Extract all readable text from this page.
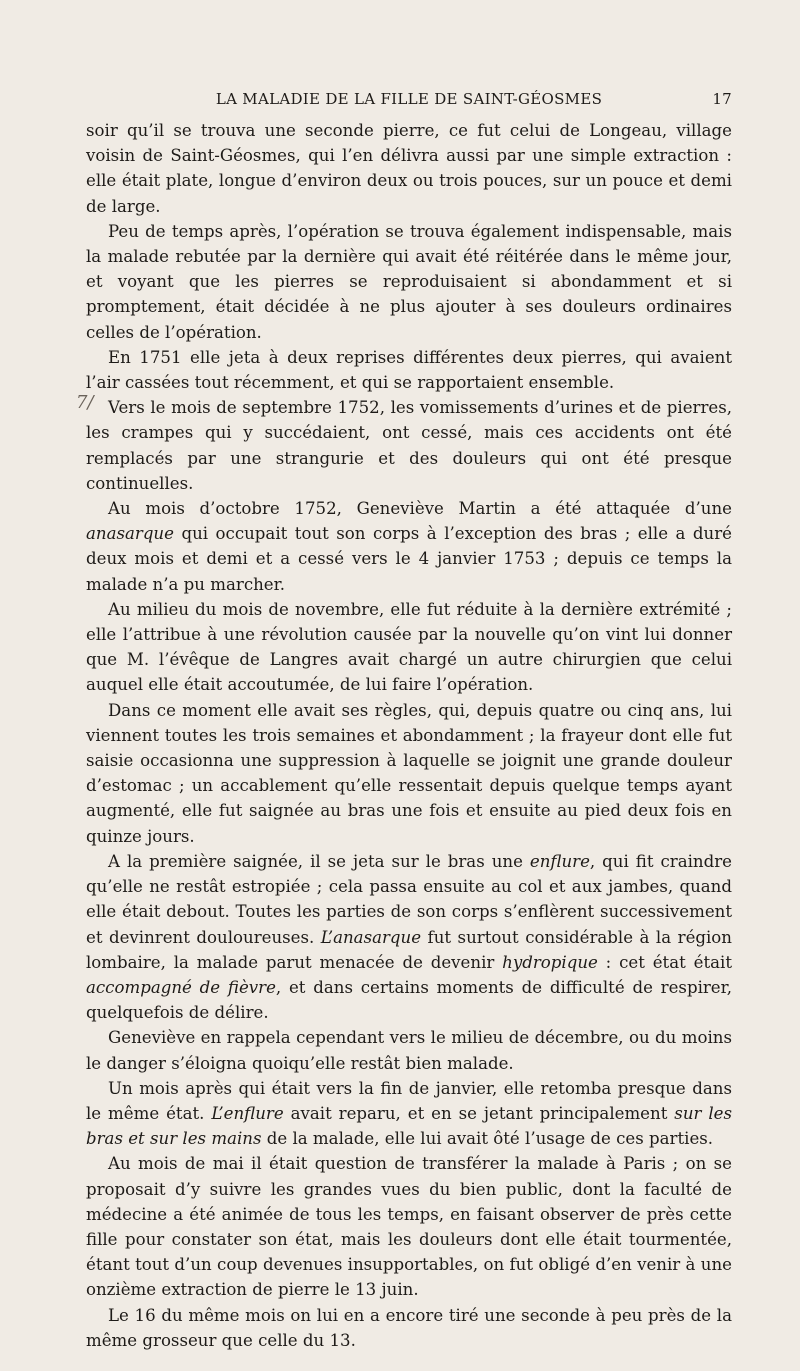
LA MALADIE DE LA FILLE DE SAINT-GÉOSMES	17
7/

soir qu’il se trouva une seconde pierre, ce fut celui de Longeau, village voisin de Saint-Géosmes, qui l’en délivra aussi par une simple extraction : elle était plate, longue d’environ deux ou trois pouces, sur un pouce et demi de large.

Peu de temps après, l’opération se trouva également indispensable, mais la malade rebutée par la dernière qui avait été réitérée dans le même jour, et voyant que les pierres se reproduisaient si abondamment et si promptement, était décidée à ne plus ajouter à ses douleurs ordinaires celles de l’opération.

En 1751 elle jeta à deux reprises différentes deux pierres, qui avaient l’air cassées tout récemment, et qui se rapportaient ensemble.

Vers le mois de septembre 1752, les vomissements d’urines et de pierres, les crampes qui y succédaient, ont cessé, mais ces accidents ont été remplacés par une strangurie et des douleurs qui ont été presque continuelles.

Au mois d’octobre 1752, Geneviève Martin a été attaquée d’une anasarque qui occupait tout son corps à l’exception des bras ; elle a duré deux mois et demi et a cessé vers le 4 janvier 1753 ; depuis ce temps la malade n’a pu marcher.

Au milieu du mois de novembre, elle fut réduite à la dernière extrémité ; elle l’attribue à une révolution causée par la nouvelle qu’on vint lui donner que M. l’évêque de Langres avait chargé un autre chirurgien que celui auquel elle était accoutumée, de lui faire l’opération.

Dans ce moment elle avait ses règles, qui, depuis quatre ou cinq ans, lui viennent toutes les trois semaines et abondamment ; la frayeur dont elle fut saisie occasionna une suppression à laquelle se joignit une grande douleur d’estomac ; un accablement qu’elle ressentait depuis quelque temps ayant augmenté, elle fut saignée au bras une fois et ensuite au pied deux fois en quinze jours.

A la première saignée, il se jeta sur le bras une enflure, qui fit craindre qu’elle ne restât estropiée ; cela passa ensuite au col et aux jambes, quand elle était debout. Toutes les parties de son corps s’enflèrent successivement et devinrent douloureuses. L’anasarque fut surtout considérable à la région lombaire, la malade parut menacée de devenir hydropique : cet état était accompagné de fièvre, et dans certains moments de difficulté de respirer, quelquefois de délire.

Geneviève en rappela cependant vers le milieu de décembre, ou du moins le danger s’éloigna quoiqu’elle restât bien malade.

Un mois après qui était vers la fin de janvier, elle retomba presque dans le même état. L’enflure avait reparu, et en se jetant principalement sur les bras et sur les mains de la malade, elle lui avait ôté l’usage de ces parties.

Au mois de mai il était question de transférer la malade à Paris ; on se proposait d’y suivre les grandes vues du bien public, dont la faculté de médecine a été animée de tous les temps, en faisant observer de près cette fille pour constater son état, mais les douleurs dont elle était tourmentée, étant tout d’un coup devenues insupportables, on fut obligé d’en venir à une onzième extraction de pierre le 13 juin.

Le 16 du même mois on lui en a encore tiré une seconde à peu près de la même grosseur que celle du 13.
